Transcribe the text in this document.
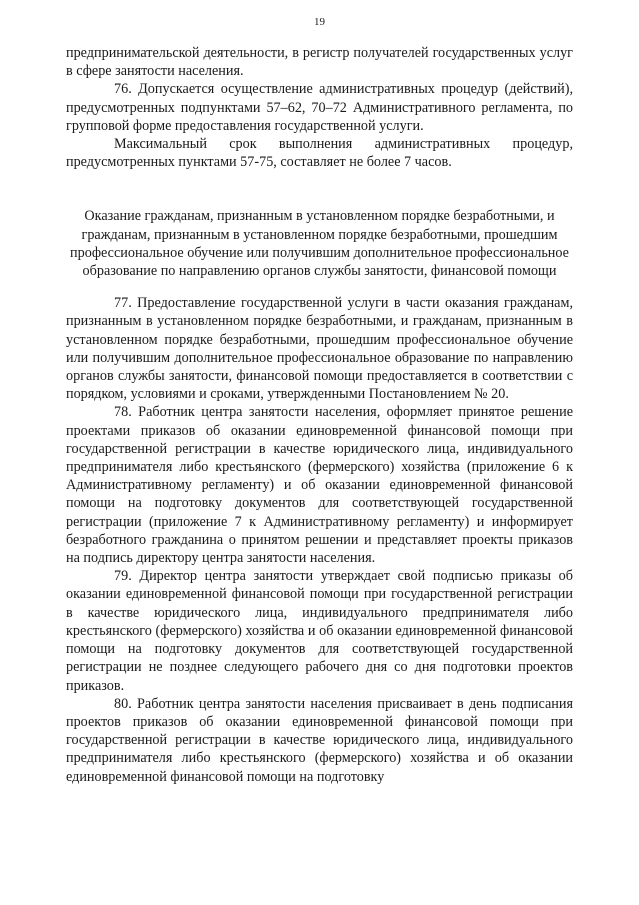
19

предпринимательской деятельности, в регистр получателей государственных услуг в сфере занятости населения.

76. Допускается осуществление административных процедур (действий), предусмотренных подпунктами 57–62, 70–72 Административного регламента, по групповой форме предоставления государственной услуги.

Максимальный срок выполнения административных процедур, предусмотренных пунктами 57-75, составляет не более 7 часов.

Оказание гражданам, признанным в установленном порядке безработными, и гражданам, признанным в установленном порядке безработными, прошедшим профессиональное обучение или получившим дополнительное профессиональное образование по направлению органов службы занятости, финансовой помощи

77. Предоставление государственной услуги в части оказания гражданам, признанным в установленном порядке безработными, и гражданам, признанным в установленном порядке безработными, прошедшим профессиональное обучение или получившим дополнительное профессиональное образование по направлению органов службы занятости, финансовой помощи предоставляется в соответствии с порядком, условиями и сроками, утвержденными Постановлением № 20.

78. Работник центра занятости населения, оформляет принятое решение проектами приказов об оказании единовременной финансовой помощи при государственной регистрации в качестве юридического лица, индивидуального предпринимателя либо крестьянского (фермерского) хозяйства (приложение 6 к Административному регламенту) и об оказании единовременной финансовой помощи на подготовку документов для соответствующей государственной регистрации (приложение 7 к Административному регламенту) и информирует безработного гражданина о принятом решении и представляет проекты приказов на подпись директору центра занятости населения.

79. Директор центра занятости утверждает свой подписью приказы об оказании единовременной финансовой помощи при государственной регистрации в качестве юридического лица, индивидуального предпринимателя либо крестьянского (фермерского) хозяйства и об оказании единовременной финансовой помощи на подготовку документов для соответствующей государственной регистрации не позднее следующего рабочего дня со дня подготовки проектов приказов.

80. Работник центра занятости населения присваивает в день подписания проектов приказов об оказании единовременной финансовой помощи при государственной регистрации в качестве юридического лица, индивидуального предпринимателя либо крестьянского (фермерского) хозяйства и об оказании единовременной финансовой помощи на подготовку
